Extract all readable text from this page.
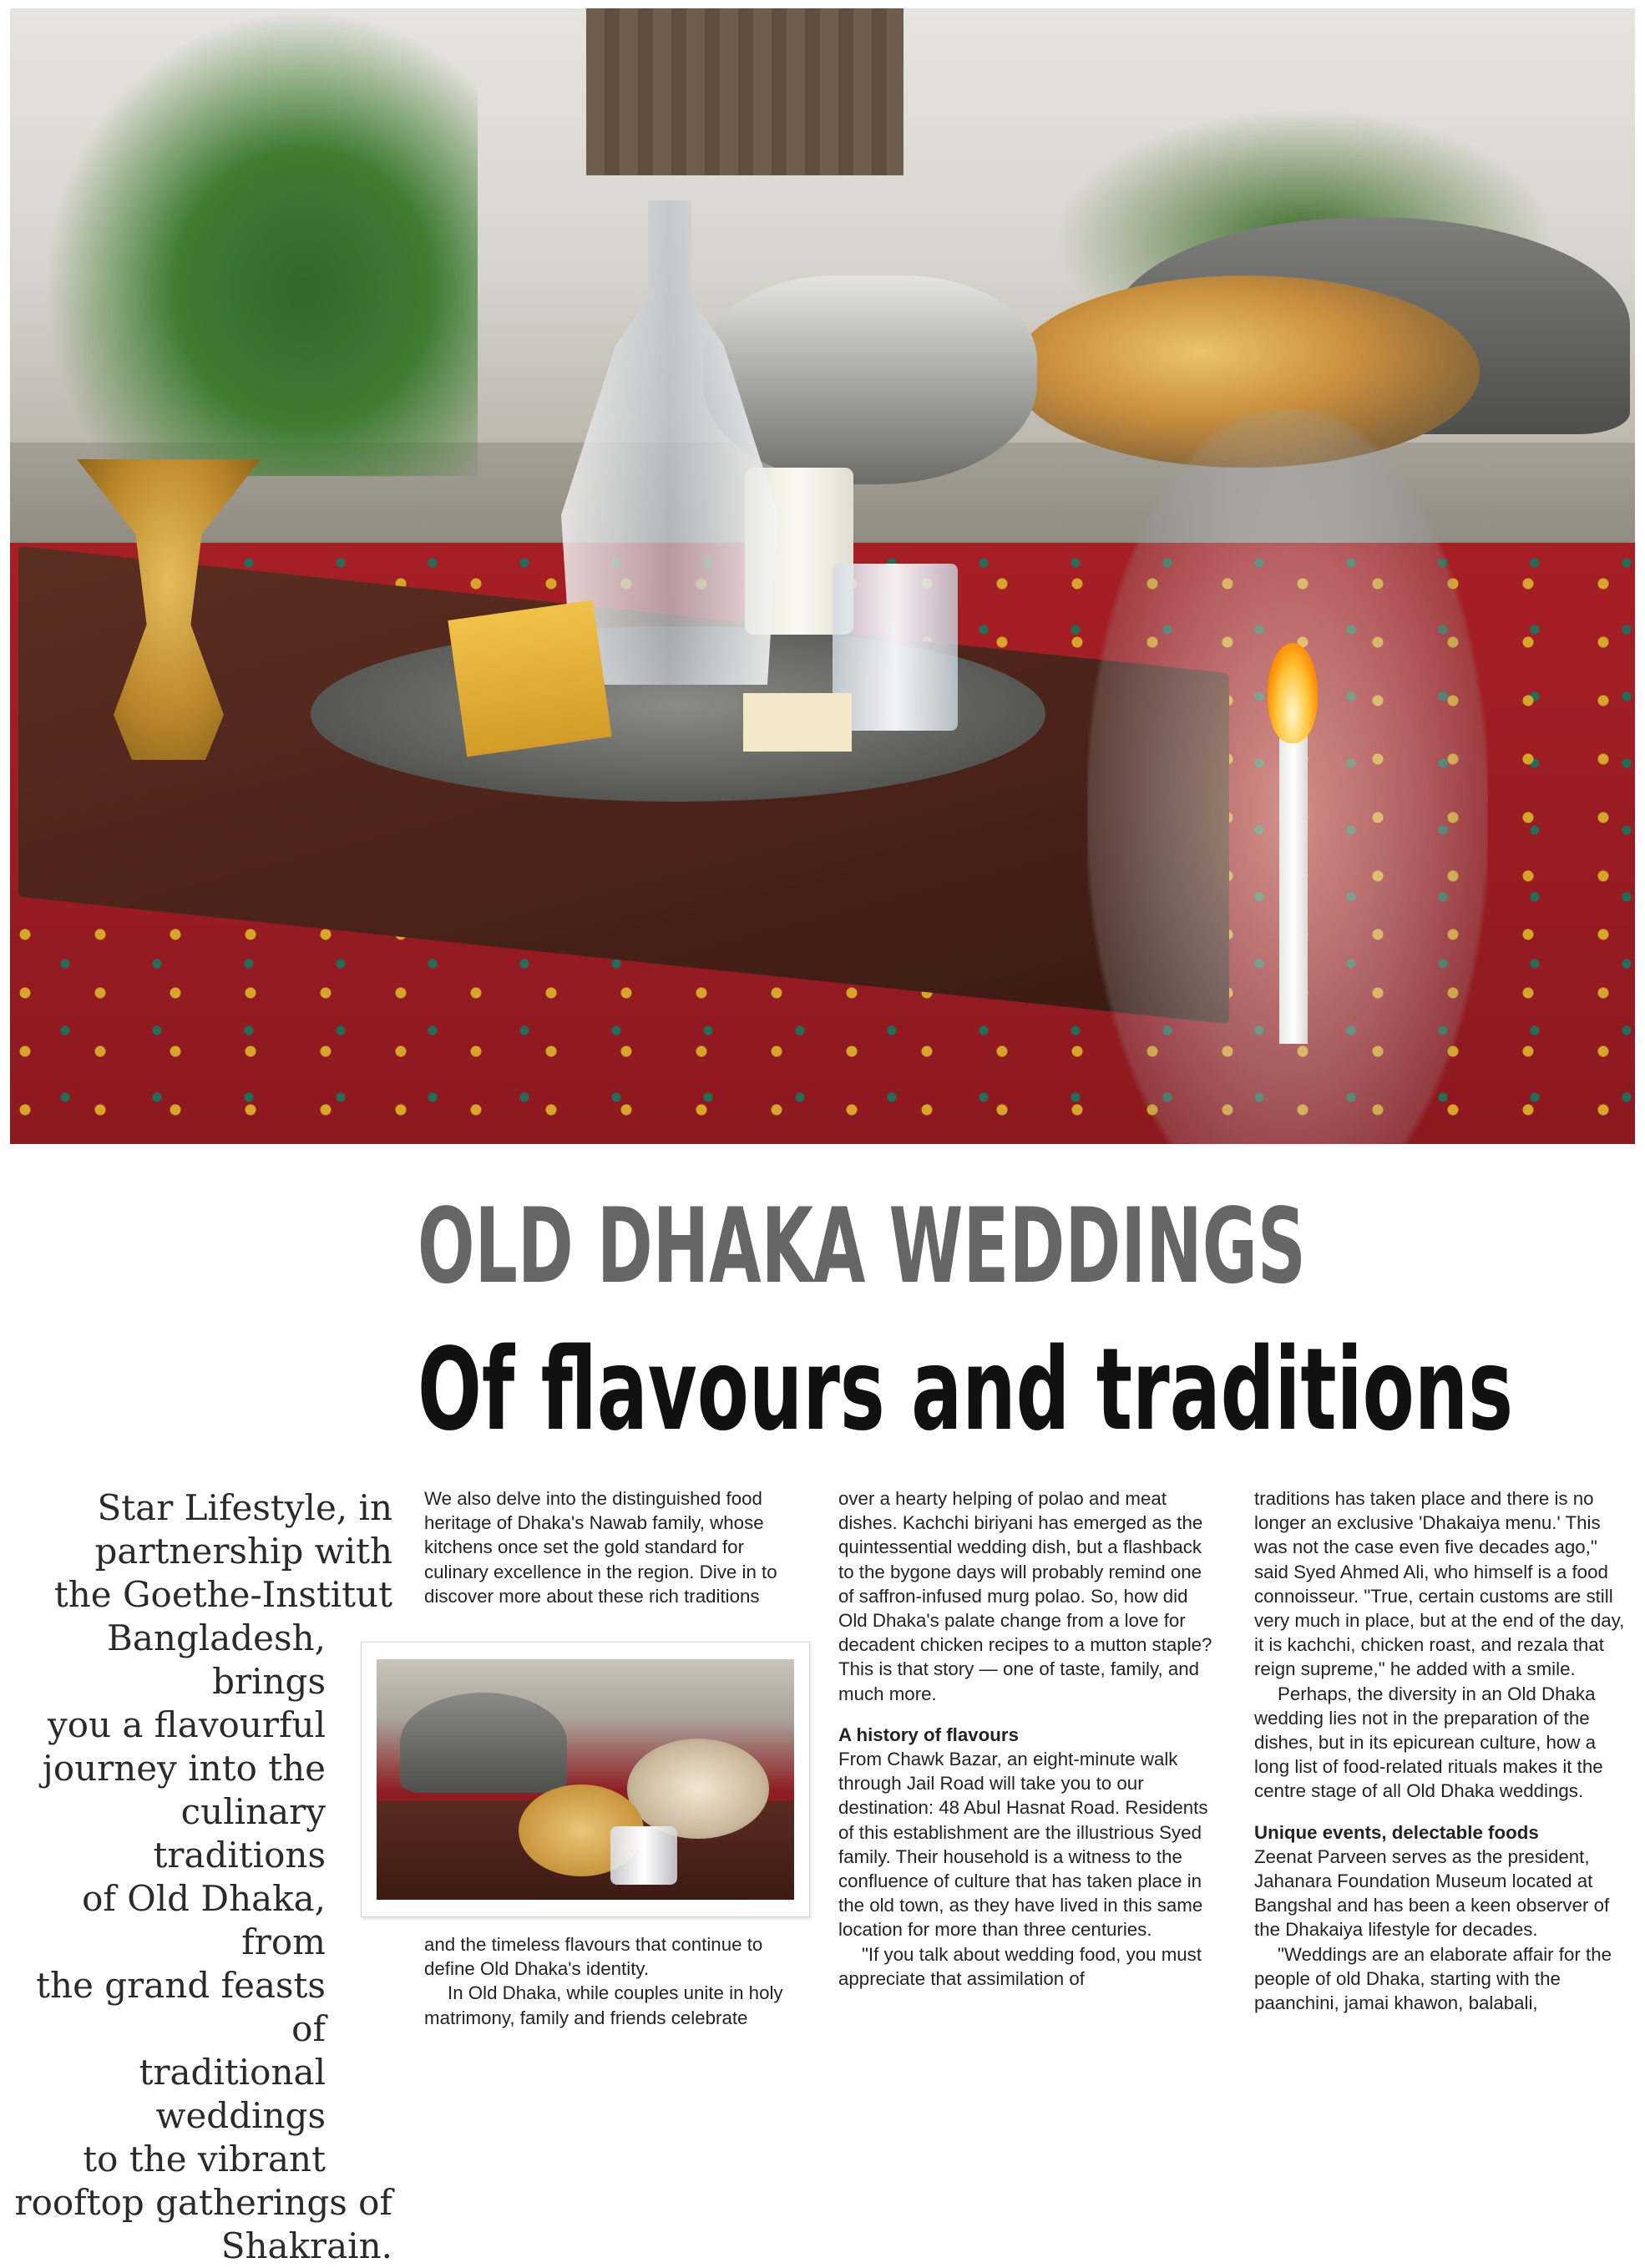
OLD DHAKA WEDDINGS
Of flavours and traditions
Star Lifestyle, in
partnership with
the Goethe-Institut
Bangladesh, brings
you a flavourful
journey into the
culinary traditions
of Old Dhaka, from
the grand feasts of
traditional weddings
to the vibrant
rooftop gatherings of
Shakrain.

We also delve into the distinguished food heritage of Dhaka's Nawab family, whose kitchens once set the gold standard for culinary excellence in the region. Dive in to discover more about these rich traditions

and the timeless flavours that continue to define Old Dhaka's identity.

In Old Dhaka, while couples unite in holy matrimony, family and friends celebrate

over a hearty helping of polao and meat dishes. Kachchi biriyani has emerged as the quintessential wedding dish, but a flashback to the bygone days will probably remind one of saffron-infused murg polao. So, how did Old Dhaka's palate change from a love for decadent chicken recipes to a mutton staple? This is that story — one of taste, family, and much more.

A history of flavours

From Chawk Bazar, an eight-minute walk through Jail Road will take you to our destination: 48 Abul Hasnat Road. Residents of this establishment are the illustrious Syed family. Their household is a witness to the confluence of culture that has taken place in the old town, as they have lived in this same location for more than three centuries.

"If you talk about wedding food, you must appreciate that assimilation of

traditions has taken place and there is no longer an exclusive 'Dhakaiya menu.' This was not the case even five decades ago," said Syed Ahmed Ali, who himself is a food connoisseur. "True, certain customs are still very much in place, but at the end of the day, it is kachchi, chicken roast, and rezala that reign supreme," he added with a smile.

Perhaps, the diversity in an Old Dhaka wedding lies not in the preparation of the dishes, but in its epicurean culture, how a long list of food-related rituals makes it the centre stage of all Old Dhaka weddings.

Unique events, delectable foods

Zeenat Parveen serves as the president, Jahanara Foundation Museum located at Bangshal and has been a keen observer of the Dhakaiya lifestyle for decades.

"Weddings are an elaborate affair for the people of old Dhaka, starting with the paanchini, jamai khawon, balabali,
